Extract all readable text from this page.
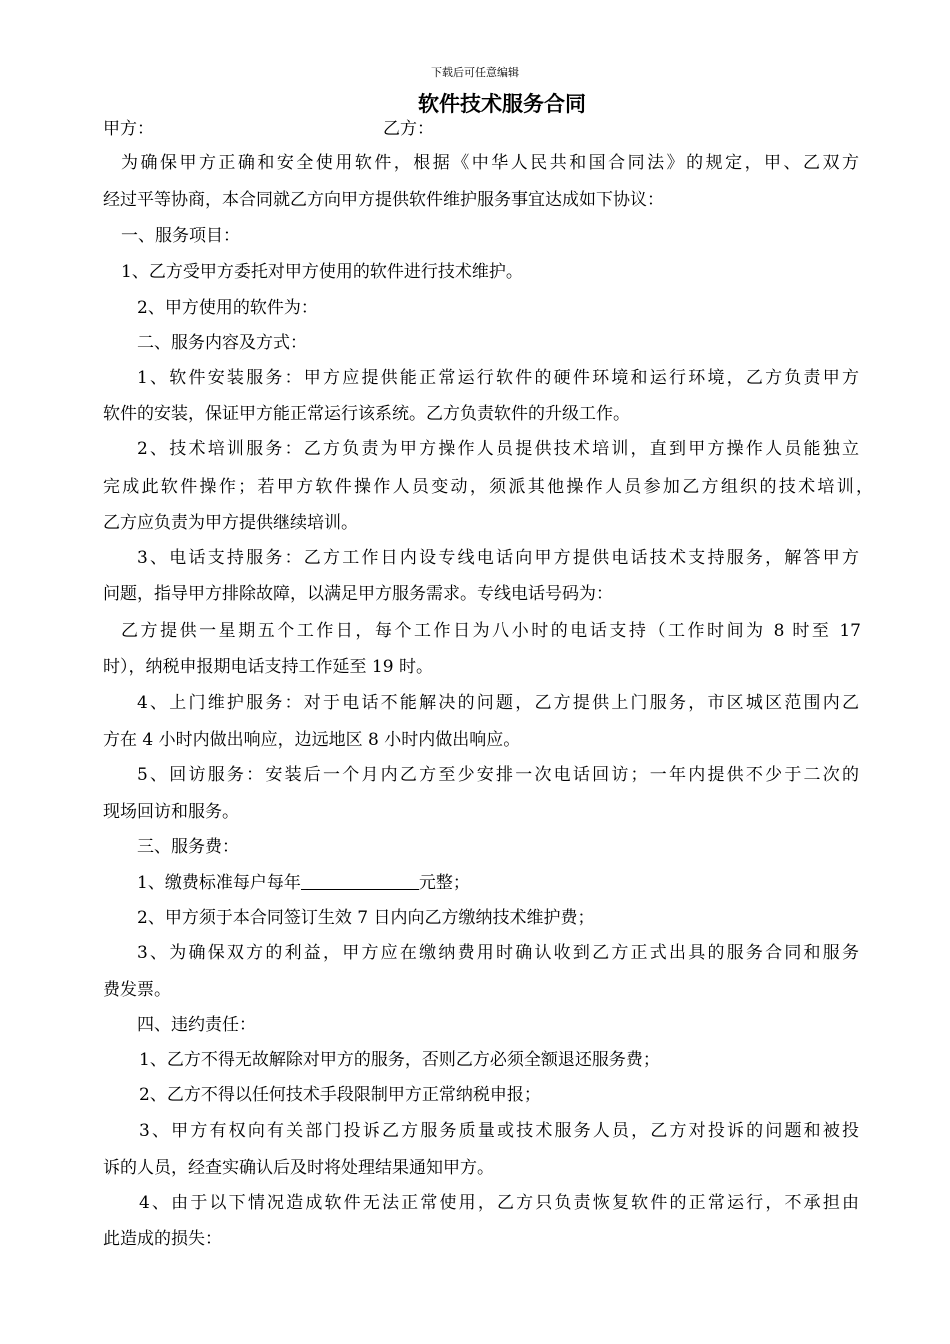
下载后可任意编辑
软件技术服务合同
甲方：	乙方：
为确保甲方正确和安全使用软件，根据《中华人民共和国合同法》的规定，甲、乙双方
经过平等协商，本合同就乙方向甲方提供软件维护服务事宜达成如下协议：
一、服务项目：
1、乙方受甲方委托对甲方使用的软件进行技术维护。
2、甲方使用的软件为：
二、服务内容及方式：
1、软件安装服务：甲方应提供能正常运行软件的硬件环境和运行环境，乙方负责甲方
软件的安装，保证甲方能正常运行该系统。乙方负责软件的升级工作。
2、技术培训服务：乙方负责为甲方操作人员提供技术培训，直到甲方操作人员能独立
完成此软件操作；若甲方软件操作人员变动，须派其他操作人员参加乙方组织的技术培训，
乙方应负责为甲方提供继续培训。
3、电话支持服务：乙方工作日内设专线电话向甲方提供电话技术支持服务，解答甲方
问题，指导甲方排除故障，以满足甲方服务需求。专线电话号码为：
乙方提供一星期五个工作日，每个工作日为八小时的电话支持（工作时间为 8 时至 17
时），纳税申报期电话支持工作延至 19 时。
4、上门维护服务：对于电话不能解决的问题，乙方提供上门服务，市区城区范围内乙
方在 4 小时内做出响应，边远地区 8 小时内做出响应。
5、回访服务：安装后一个月内乙方至少安排一次电话回访；一年内提供不少于二次的
现场回访和服务。
三、服务费：
1、缴费标准每户每年	元整；
2、甲方须于本合同签订生效 7 日内向乙方缴纳技术维护费；
3、为确保双方的利益，甲方应在缴纳费用时确认收到乙方正式出具的服务合同和服务
费发票。
四、违约责任：
1、乙方不得无故解除对甲方的服务，否则乙方必须全额退还服务费；
2、乙方不得以任何技术手段限制甲方正常纳税申报；
3、甲方有权向有关部门投诉乙方服务质量或技术服务人员，乙方对投诉的问题和被投
诉的人员，经查实确认后及时将处理结果通知甲方。
4、由于以下情况造成软件无法正常使用，乙方只负责恢复软件的正常运行，不承担由
此造成的损失：
